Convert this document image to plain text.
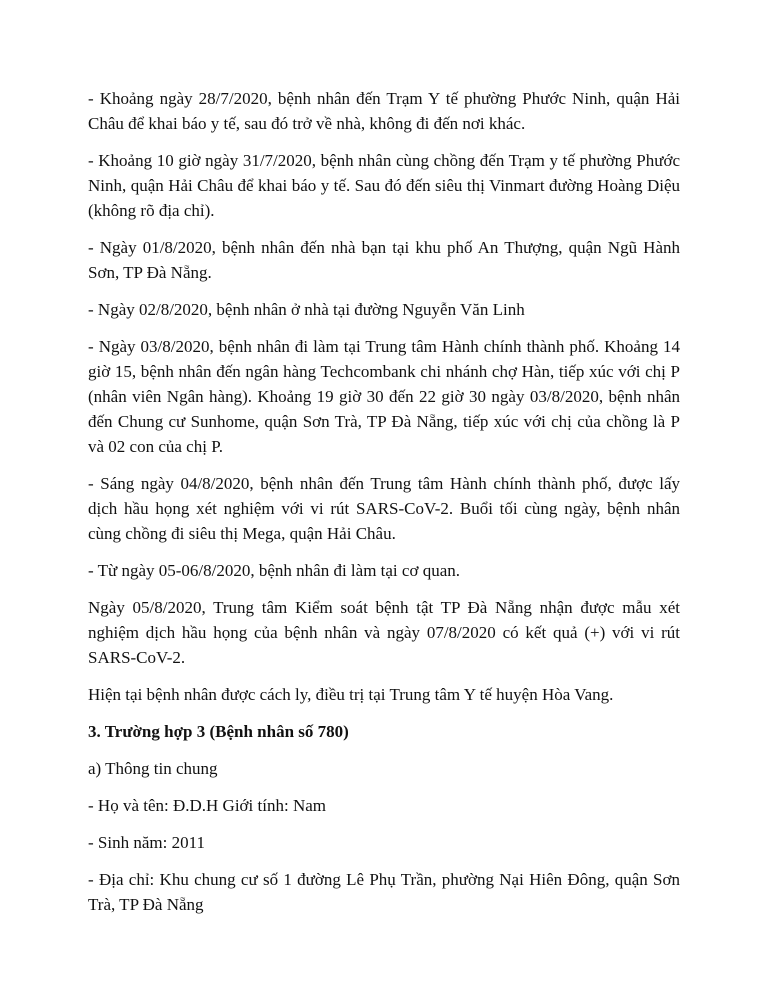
- Khoảng ngày 28/7/2020, bệnh nhân đến Trạm Y tế phường Phước Ninh, quận Hải Châu để khai báo y tế, sau đó trở về nhà, không đi đến nơi khác.

- Khoảng 10 giờ ngày 31/7/2020, bệnh nhân cùng chồng đến Trạm y tế phường Phước Ninh, quận Hải Châu để khai báo y tế. Sau đó đến siêu thị Vinmart đường Hoàng Diệu (không rõ địa chỉ).

- Ngày 01/8/2020, bệnh nhân đến nhà bạn tại khu phố An Thượng, quận Ngũ Hành Sơn, TP Đà Nẵng.

- Ngày 02/8/2020, bệnh nhân ở nhà tại đường Nguyễn Văn Linh

- Ngày 03/8/2020, bệnh nhân đi làm tại Trung tâm Hành chính thành phố. Khoảng 14 giờ 15, bệnh nhân đến ngân hàng Techcombank chi nhánh chợ Hàn, tiếp xúc với chị P (nhân viên Ngân hàng). Khoảng 19 giờ 30 đến 22 giờ 30 ngày 03/8/2020, bệnh nhân đến Chung cư Sunhome, quận Sơn Trà, TP Đà Nẵng, tiếp xúc với chị của chồng là P và 02 con của chị P.

- Sáng ngày 04/8/2020, bệnh nhân đến Trung tâm Hành chính thành phố, được lấy dịch hầu họng xét nghiệm với vi rút SARS-CoV-2. Buổi tối cùng ngày, bệnh nhân cùng chồng đi siêu thị Mega, quận Hải Châu.

- Từ ngày 05-06/8/2020, bệnh nhân đi làm tại cơ quan.

Ngày 05/8/2020, Trung tâm Kiểm soát bệnh tật TP Đà Nẵng nhận được mẫu xét nghiệm dịch hầu họng của bệnh nhân và ngày 07/8/2020 có kết quả (+) với vi rút SARS-CoV-2.

Hiện tại bệnh nhân được cách ly, điều trị tại Trung tâm Y tế huyện Hòa Vang.

3. Trường hợp 3 (Bệnh nhân số 780)

a) Thông tin chung

- Họ và tên: Đ.D.H Giới tính: Nam

- Sinh năm: 2011

- Địa chỉ: Khu chung cư số 1 đường Lê Phụ Trần, phường Nại Hiên Đông, quận Sơn Trà, TP Đà Nẵng
